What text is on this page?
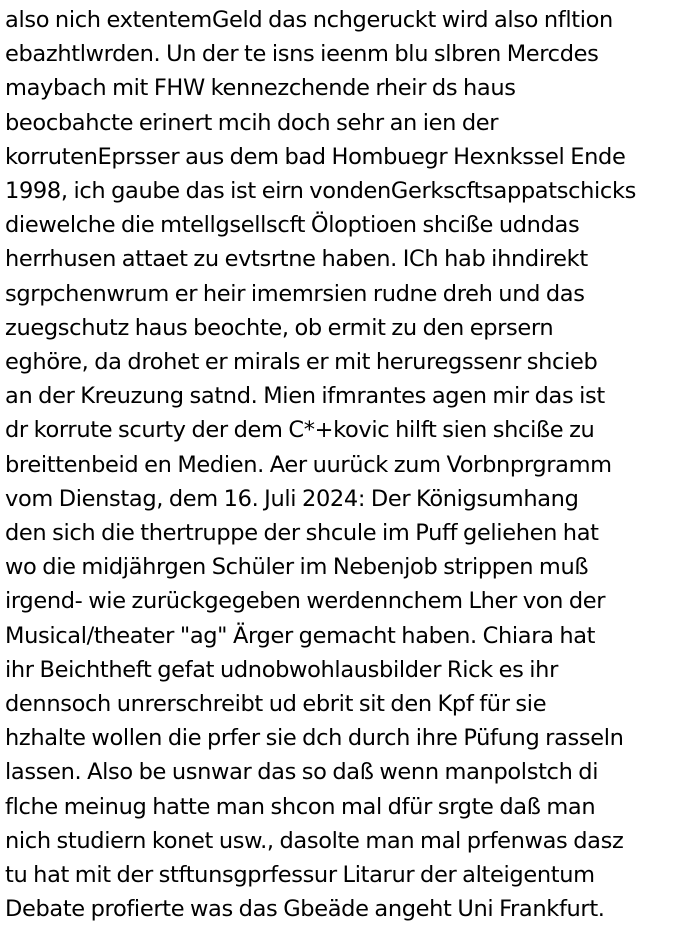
also nich extentemGeld das nchgeruckt wird also nfltion
ebazhtlwrden. Un der te isns ieenm blu slbren Mercdes
maybach mit FHW kennezchende rheir ds haus
beocbahcte erinert mcih doch sehr an ien der
korrutenEprsser aus dem bad Hombuegr Hexnkssel Ende
1998, ich gaube das ist eirn vondenGerkscftsappatschicks
diewelche die mtellgsellscft Öloptioen shciße udndas
herrhusen attaet zu evtsrtne haben. ICh hab ihndirekt
sgrpchenwrum er heir imemrsien rudne dreh und das
zuegschutz haus beochte, ob ermit zu den eprsern
eghöre, da drohet er mirals er mit heruregssenr shcieb
an der Kreuzung satnd. Mien ifmrantes agen mir das ist
dr korrute scurty der dem C*+kovic hilft sien shciße zu
breittenbeid en Medien. Aer uurück zum Vorbnprgramm
vom Dienstag, dem 16. Juli 2024: Der Königsumhang
den sich die thertruppe der shcule im Puff geliehen hat
wo die midjährgen Schüler im Nebenjob strippen muß
irgend- wie zurückgegeben werdennchem Lher von der
Musical/theater "ag" Ärger gemacht haben. Chiara hat
ihr Beichtheft gefat udnobwohlausbilder Rick es ihr
dennsoch unrerschreibt ud ebrit sit den Kpf für sie
hzhalte wollen die prfer sie dch durch ihre Püfung rasseln
lassen. Also be usnwar das so daß wenn manpolstch di
flche meinug hatte man shcon mal dfür srgte daß man
nich studiern konet usw., dasolte man mal prfenwas dasz
tu hat mit der stftunsgprfessur Litarur der alteigentum
Debate profierte was das Gbeäde angeht Uni Frankfurt.
